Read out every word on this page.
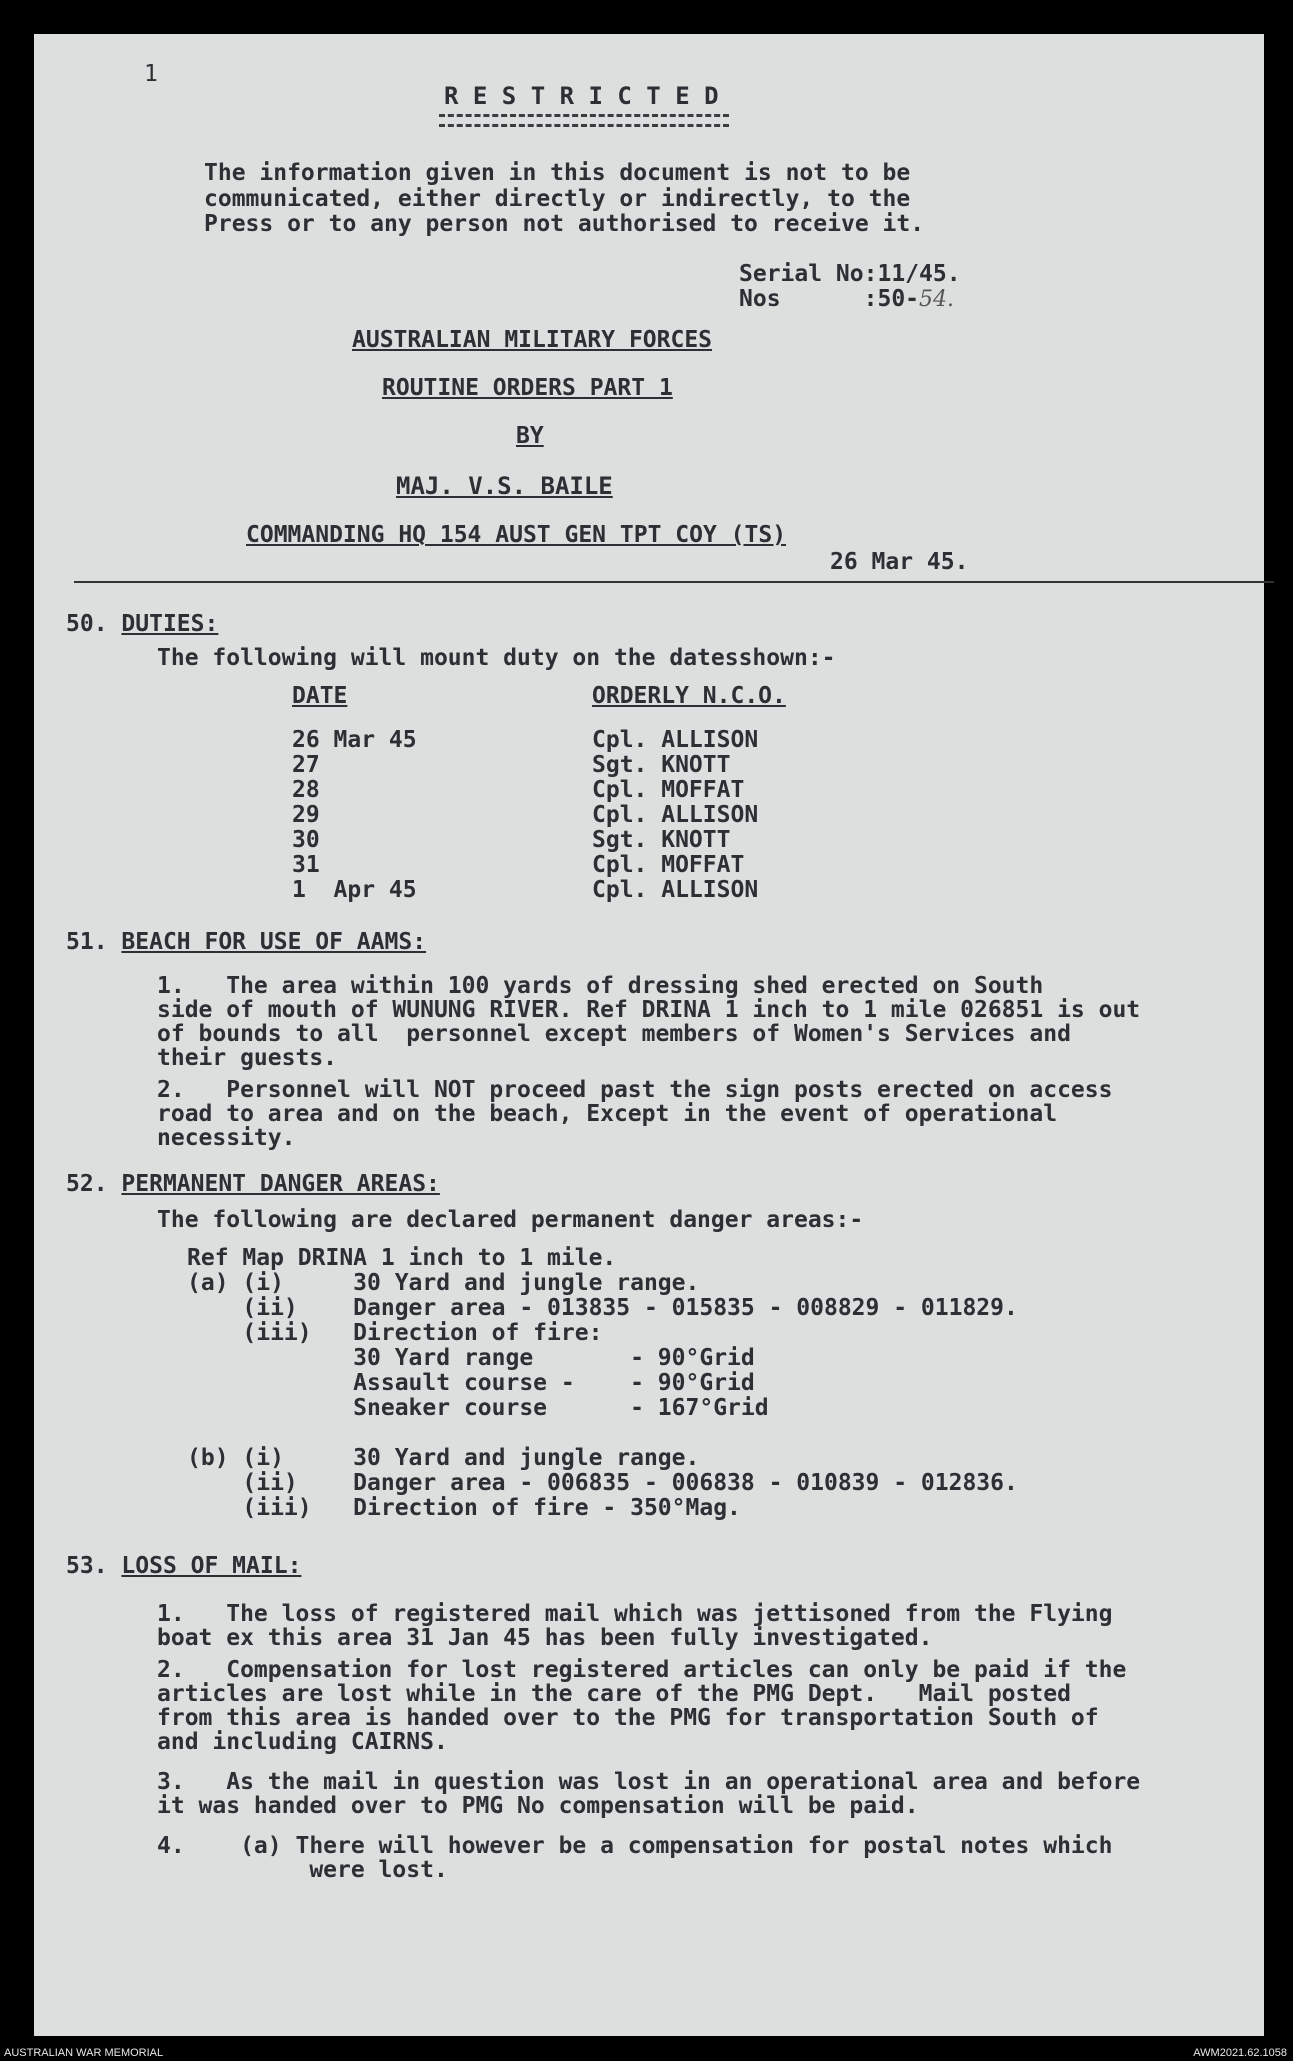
1
R E S T R I C T E D
The information given in this document is not to be
communicated, either directly or indirectly, to the
Press or to any person not authorised to receive it.
Serial No:11/45.
Nos	:50-54.
AUSTRALIAN MILITARY FORCES
ROUTINE ORDERS PART 1
BY
MAJ. V.S. BAILE
COMMANDING HQ 154 AUST GEN TPT COY (TS)
26 Mar 45.
50. DUTIES:
The following will mount duty on the datesshown:-
DATE	ORDERLY N.C.O.
26 Mar 45	Cpl. ALLISON
27	Sgt. KNOTT
28	Cpl. MOFFAT
29	Cpl. ALLISON
30	Sgt. KNOTT
31	Cpl. MOFFAT
1  Apr 45	Cpl. ALLISON
51. BEACH FOR USE OF AAMS:
1.   The area within 100 yards of dressing shed erected on South
side of mouth of WUNUNG RIVER. Ref DRINA 1 inch to 1 mile 026851 is out
of bounds to all  personnel except members of Women's Services and
their guests.
2.   Personnel will NOT proceed past the sign posts erected on access
road to area and on the beach, Except in the event of operational
necessity.
52. PERMANENT DANGER AREAS:
The following are declared permanent danger areas:-
Ref Map DRINA 1 inch to 1 mile.
(a) (i)     30 Yard and jungle range.
(ii)    Danger area - 013835 - 015835 - 008829 - 011829.
(iii)   Direction of fire:
30 Yard range       - 90°Grid
Assault course -    - 90°Grid
Sneaker course      - 167°Grid
(b) (i)     30 Yard and jungle range.
(ii)    Danger area - 006835 - 006838 - 010839 - 012836.
(iii)   Direction of fire - 350°Mag.
53. LOSS OF MAIL:
1.   The loss of registered mail which was jettisoned from the Flying
boat ex this area 31 Jan 45 has been fully investigated.
2.   Compensation for lost registered articles can only be paid if the
articles are lost while in the care of the PMG Dept.   Mail posted
from this area is handed over to the PMG for transportation South of
and including CAIRNS.
3.   As the mail in question was lost in an operational area and before
it was handed over to PMG No compensation will be paid.
4.    (a) There will however be a compensation for postal notes which
were lost.
AUSTRALIAN WAR MEMORIAL	AWM2021.62.1058
